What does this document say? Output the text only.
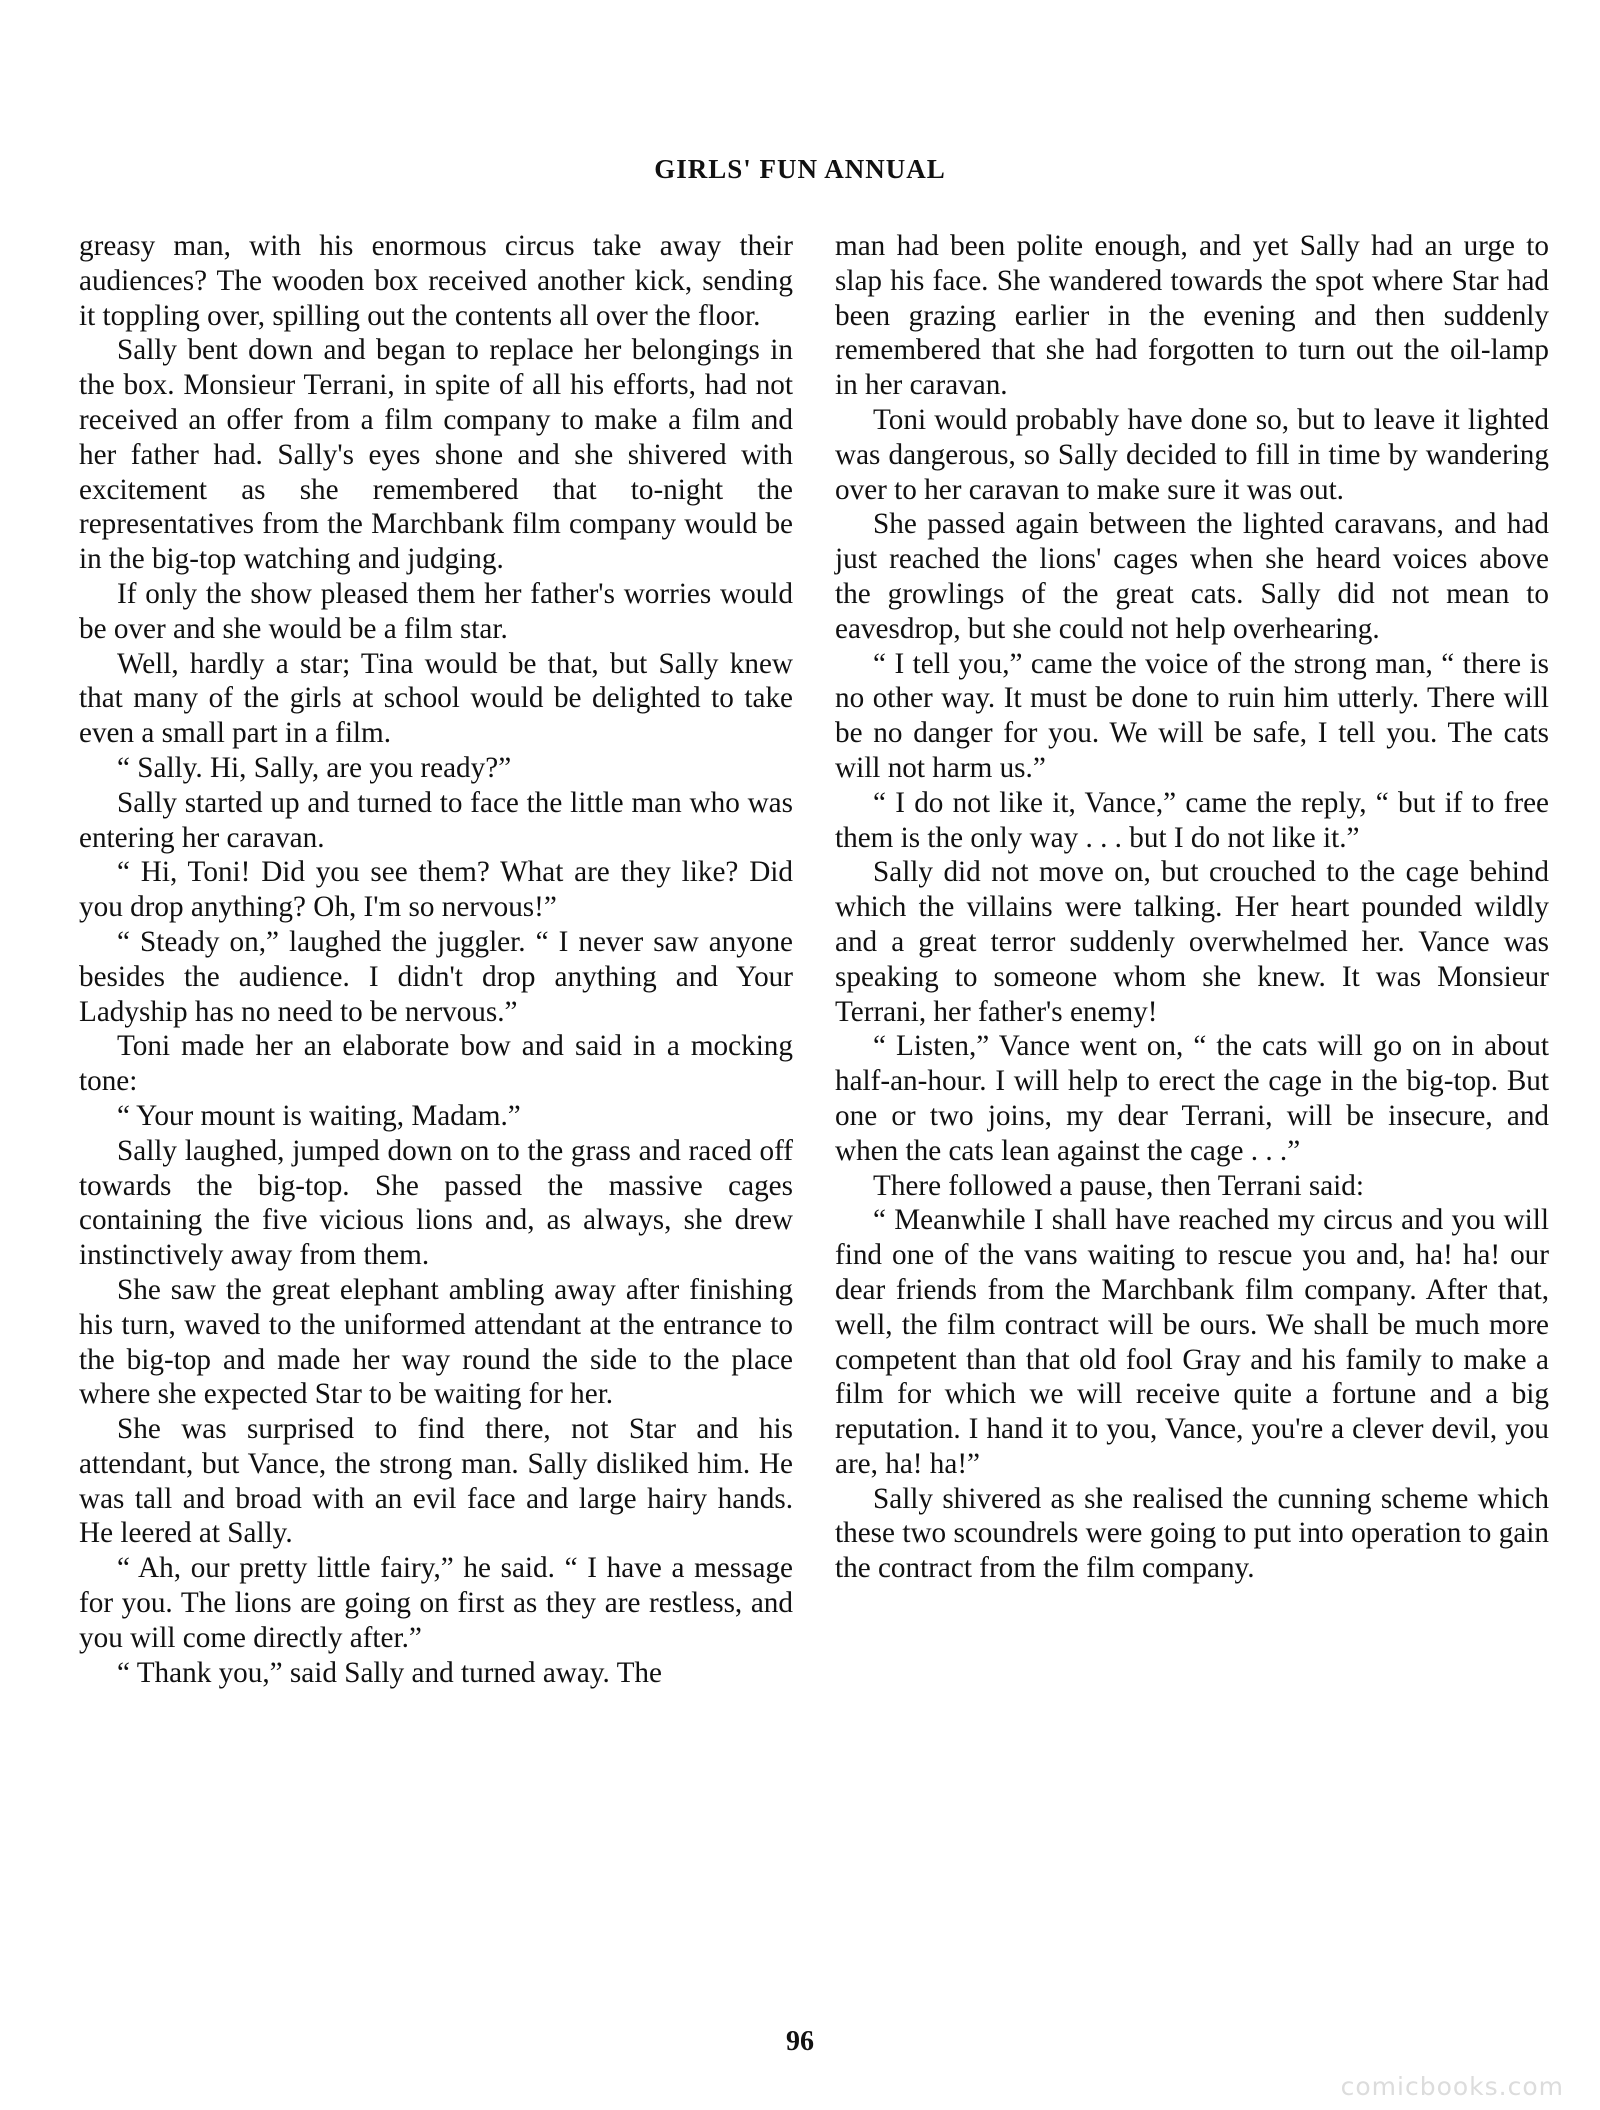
GIRLS' FUN ANNUAL

greasy man, with his enormous circus take away their audiences? The wooden box received another kick, sending it toppling over, spilling out the contents all over the floor.

Sally bent down and began to replace her belongings in the box. Monsieur Terrani, in spite of all his efforts, had not received an offer from a film company to make a film and her father had. Sally's eyes shone and she shivered with excitement as she remembered that to-night the representatives from the Marchbank film company would be in the big-top watching and judging.

If only the show pleased them her father's worries would be over and she would be a film star.

Well, hardly a star; Tina would be that, but Sally knew that many of the girls at school would be delighted to take even a small part in a film.

“ Sally. Hi, Sally, are you ready?”

Sally started up and turned to face the little man who was entering her caravan.

“ Hi, Toni! Did you see them? What are they like? Did you drop anything? Oh, I'm so nervous!”

“ Steady on,” laughed the juggler. “ I never saw anyone besides the audience. I didn't drop anything and Your Ladyship has no need to be nervous.”

Toni made her an elaborate bow and said in a mocking tone:

“ Your mount is waiting, Madam.”

Sally laughed, jumped down on to the grass and raced off towards the big-top. She passed the massive cages containing the five vicious lions and, as always, she drew instinctively away from them.

She saw the great elephant ambling away after finishing his turn, waved to the uniformed attendant at the entrance to the big-top and made her way round the side to the place where she expected Star to be waiting for her.

She was surprised to find there, not Star and his attendant, but Vance, the strong man. Sally disliked him. He was tall and broad with an evil face and large hairy hands. He leered at Sally.

“ Ah, our pretty little fairy,” he said. “ I have a message for you. The lions are going on first as they are restless, and you will come directly after.”

“ Thank you,” said Sally and turned away. The

man had been polite enough, and yet Sally had an urge to slap his face. She wandered towards the spot where Star had been grazing earlier in the evening and then suddenly remembered that she had forgotten to turn out the oil-lamp in her caravan.

Toni would probably have done so, but to leave it lighted was dangerous, so Sally decided to fill in time by wandering over to her caravan to make sure it was out.

She passed again between the lighted caravans, and had just reached the lions' cages when she heard voices above the growlings of the great cats. Sally did not mean to eavesdrop, but she could not help overhearing.

“ I tell you,” came the voice of the strong man, “ there is no other way. It must be done to ruin him utterly. There will be no danger for you. We will be safe, I tell you. The cats will not harm us.”

“ I do not like it, Vance,” came the reply, “ but if to free them is the only way . . . but I do not like it.”

Sally did not move on, but crouched to the cage behind which the villains were talking. Her heart pounded wildly and a great terror suddenly overwhelmed her. Vance was speaking to someone whom she knew. It was Monsieur Terrani, her father's enemy!

“ Listen,” Vance went on, “ the cats will go on in about half-an-hour. I will help to erect the cage in the big-top. But one or two joins, my dear Terrani, will be insecure, and when the cats lean against the cage . . .”

There followed a pause, then Terrani said:

“ Meanwhile I shall have reached my circus and you will find one of the vans waiting to rescue you and, ha! ha! our dear friends from the Marchbank film company. After that, well, the film contract will be ours. We shall be much more competent than that old fool Gray and his family to make a film for which we will receive quite a fortune and a big reputation. I hand it to you, Vance, you're a clever devil, you are, ha! ha!”

Sally shivered as she realised the cunning scheme which these two scoundrels were going to put into operation to gain the contract from the film company.

96
comicbooks.com
